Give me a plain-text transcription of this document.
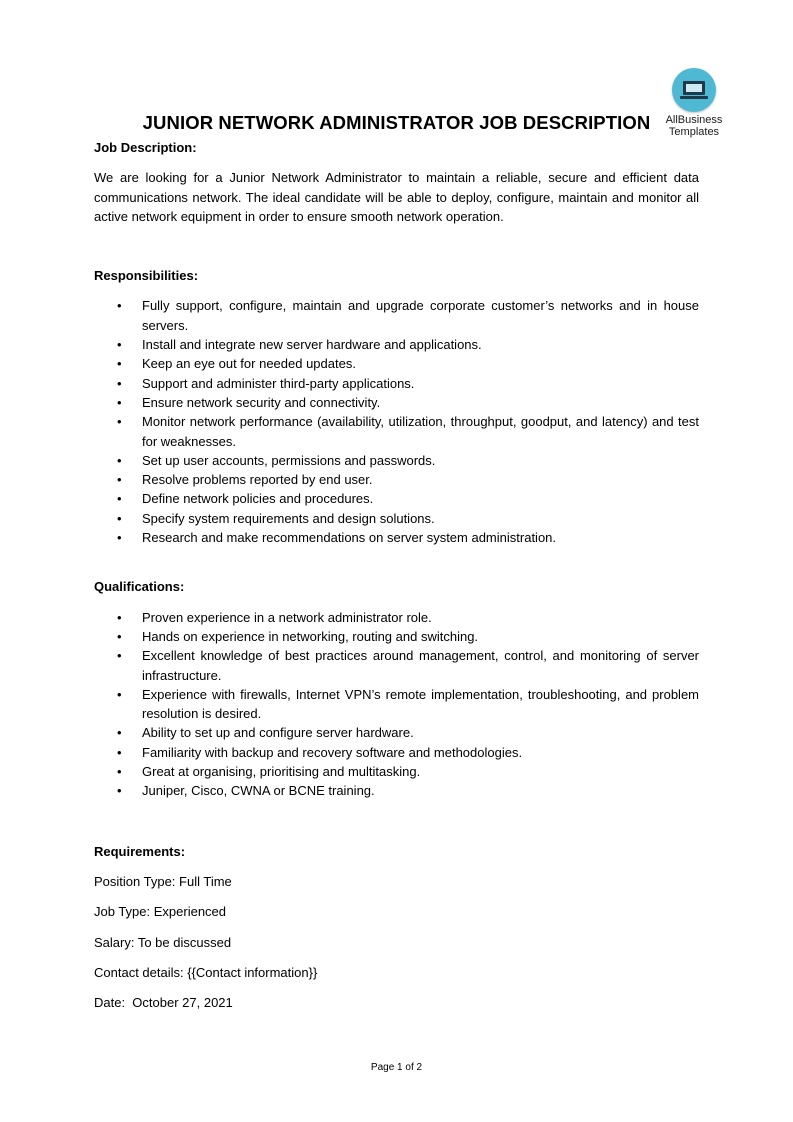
AllBusiness
Templates
JUNIOR NETWORK ADMINISTRATOR JOB DESCRIPTION

Job Description:

We are looking for a Junior Network Administrator to maintain a reliable, secure and efficient data communications network. The ideal candidate will be able to deploy, configure, maintain and monitor all active network equipment in order to ensure smooth network operation.

Responsibilities:

• Fully support, configure, maintain and upgrade corporate customer’s networks and in house servers.
• Install and integrate new server hardware and applications.
• Keep an eye out for needed updates.
• Support and administer third-party applications.
• Ensure network security and connectivity.
• Monitor network performance (availability, utilization, throughput, goodput, and latency) and test for weaknesses.
• Set up user accounts, permissions and passwords.
• Resolve problems reported by end user.
• Define network policies and procedures.
• Specify system requirements and design solutions.
• Research and make recommendations on server system administration.

Qualifications:

• Proven experience in a network administrator role.
• Hands on experience in networking, routing and switching.
• Excellent knowledge of best practices around management, control, and monitoring of server infrastructure.
• Experience with firewalls, Internet VPN’s remote implementation, troubleshooting, and problem resolution is desired.
• Ability to set up and configure server hardware.
• Familiarity with backup and recovery software and methodologies.
• Great at organising, prioritising and multitasking.
• Juniper, Cisco, CWNA or BCNE training.

Requirements:

Position Type: Full Time

Job Type: Experienced

Salary: To be discussed

Contact details: {{Contact information}}

Date:  October 27, 2021

Page 1 of 2
